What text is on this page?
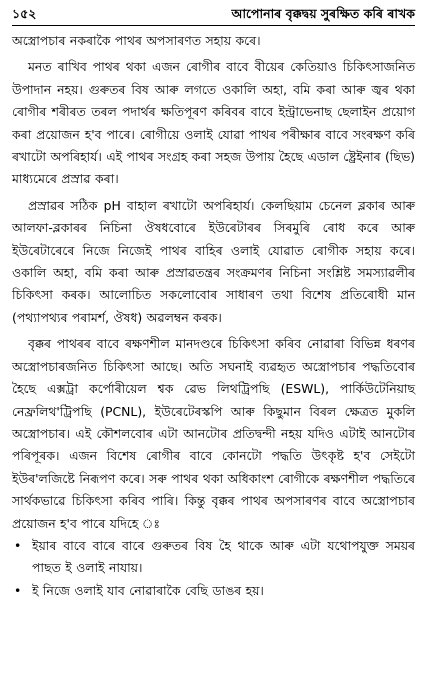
১৫২	আপোনাৰ বৃক্কদ্বয় সুৰক্ষিত কৰি ৰাখক

অস্ত্ৰোপচাৰ নকৰাকৈ পাথৰ অপসাৰণত সহায় কৰে।

মনত ৰাখিব পাথৰ থকা এজন ৰোগীৰ বাবে বীয়েৰ কেতিয়াও চিকিৎসাজনিত উপাদান নহয়। গুৰুতৰ বিষ আৰু লগতে ওকালি অহা, বমি কৰা আৰু জ্বৰ থকা ৰোগীৰ শৰীৰত তৰল পদাৰ্থৰ ক্ষতিপূৰণ কৰিবৰ বাবে ইন্ট্ৰাভেনাছ ছেলাইন প্ৰয়োগ কৰা প্ৰয়োজন হ'ব পাৰে। ৰোগীয়ে ওলাই যোৱা পাথৰ পৰীক্ষাৰ বাবে সংৰক্ষণ কৰি ৰখাটো অপৰিহাৰ্য। এই পাথৰ সংগ্ৰহ কৰা সহজ উপায় হৈছে এডাল ষ্ট্ৰেইনাৰ (ছিভ) মাধ্যমেৰে প্ৰস্ৰাৱ কৰা।

প্ৰস্ৰাৱৰ সঠিক pH বাহাল ৰখাটো অপৰিহাৰ্য। কেলছিয়াম চেনেল ব্লকাৰ আৰু আলফা-ব্লকাৰৰ নিচিনা ঔষধবোৰে ইউৰেটাৰৰ সিৰমুৰি ৰোধ কৰে আৰু ইউৰেটাৰেৰে নিজে নিজেই পাথৰ বাহিৰ ওলাই যোৱাত ৰোগীক সহায় কৰে। ওকালি অহা, বমি কৰা আৰু প্ৰস্ৰাৱতন্ত্ৰৰ সংক্ৰমণৰ নিচিনা সংশ্লিষ্ট সমস্যাৱলীৰ চিকিৎসা কৰক। আলোচিত সকলোবোৰ সাধাৰণ তথা বিশেষ প্ৰতিৰোধী মান (পথ্যাপথ্যৰ পৰামৰ্শ, ঔষধ) অৱলম্বন কৰক।

বৃক্কৰ পাথৰৰ বাবে ৰক্ষণশীল মানদণ্ডৰে চিকিৎসা কৰিব নোৱাৰা বিভিন্ন ধৰণৰ অস্ত্ৰোপচাৰজনিত চিকিৎসা আছে। অতি সঘনাই ব্যৱহৃত অস্ত্ৰোপচাৰ পদ্ধতিবোৰ হৈছে এক্সট্ৰা কৰ্পোৰীয়েল শ্বক ৱেভ লিথট্ৰিপছি (ESWL), পাৰ্কিউটেনিয়াছ নেফ্ৰলিথ'ট্ৰিপছি (PCNL), ইউৰেটেৰস্কপি আৰু কিছুমান বিৰল ক্ষেত্ৰত মুকলি অস্ত্ৰোপচাৰ। এই কৌশলবোৰ এটা আনটোৰ প্ৰতিদ্বন্দী নহয় যদিও এটাই আনটোৰ পৰিপূৰক। এজন বিশেষ ৰোগীৰ বাবে কোনটো পদ্ধতি উৎকৃষ্ট হ'ব সেইটো ইউৰ'লজিষ্টে নিৰূপণ কৰে। সৰু পাথৰ থকা অধিকাংশ ৰোগীকে ৰক্ষণশীল পদ্ধতিৰে সাৰ্থকভাৱে চিকিৎসা কৰিব পাৰি। কিন্তু বৃক্কৰ পাথৰ অপসাৰণৰ বাবে অস্ত্ৰোপচাৰ প্ৰয়োজন হ'ব পাৰে যদিহে ঃ

• ইয়াৰ বাবে বাৰে বাৰে গুৰুতৰ বিষ হৈ থাকে আৰু এটা যথোপযুক্ত সময়ৰ পাছত ই ওলাই নাযায়।
• ই নিজে ওলাই যাব নোৱাৰাকৈ বেছি ডাঙৰ হয়।
